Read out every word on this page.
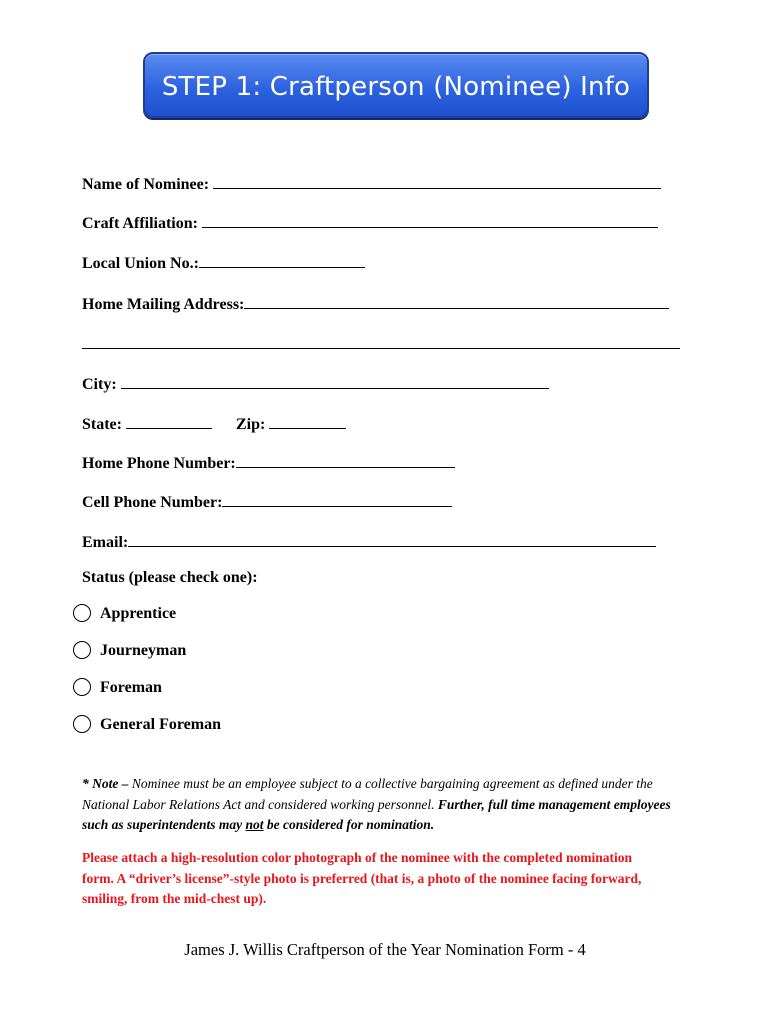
STEP 1: Craftperson (Nominee) Info
Name of Nominee:
Craft Affiliation:
Local Union No.:
Home Mailing Address:
City:
State:	Zip:
Home Phone Number:
Cell Phone Number:
Email:
Status (please check one):
Apprentice
Journeyman
Foreman
General Foreman
* Note – Nominee must be an employee subject to a collective bargaining agreement as defined under the National Labor Relations Act and considered working personnel. Further, full time management employees such as superintendents may not be considered for nomination.
Please attach a high-resolution color photograph of the nominee with the completed nomination form. A “driver’s license”-style photo is preferred (that is, a photo of the nominee facing forward, smiling, from the mid-chest up).
James J. Willis Craftperson of the Year Nomination Form - 4
